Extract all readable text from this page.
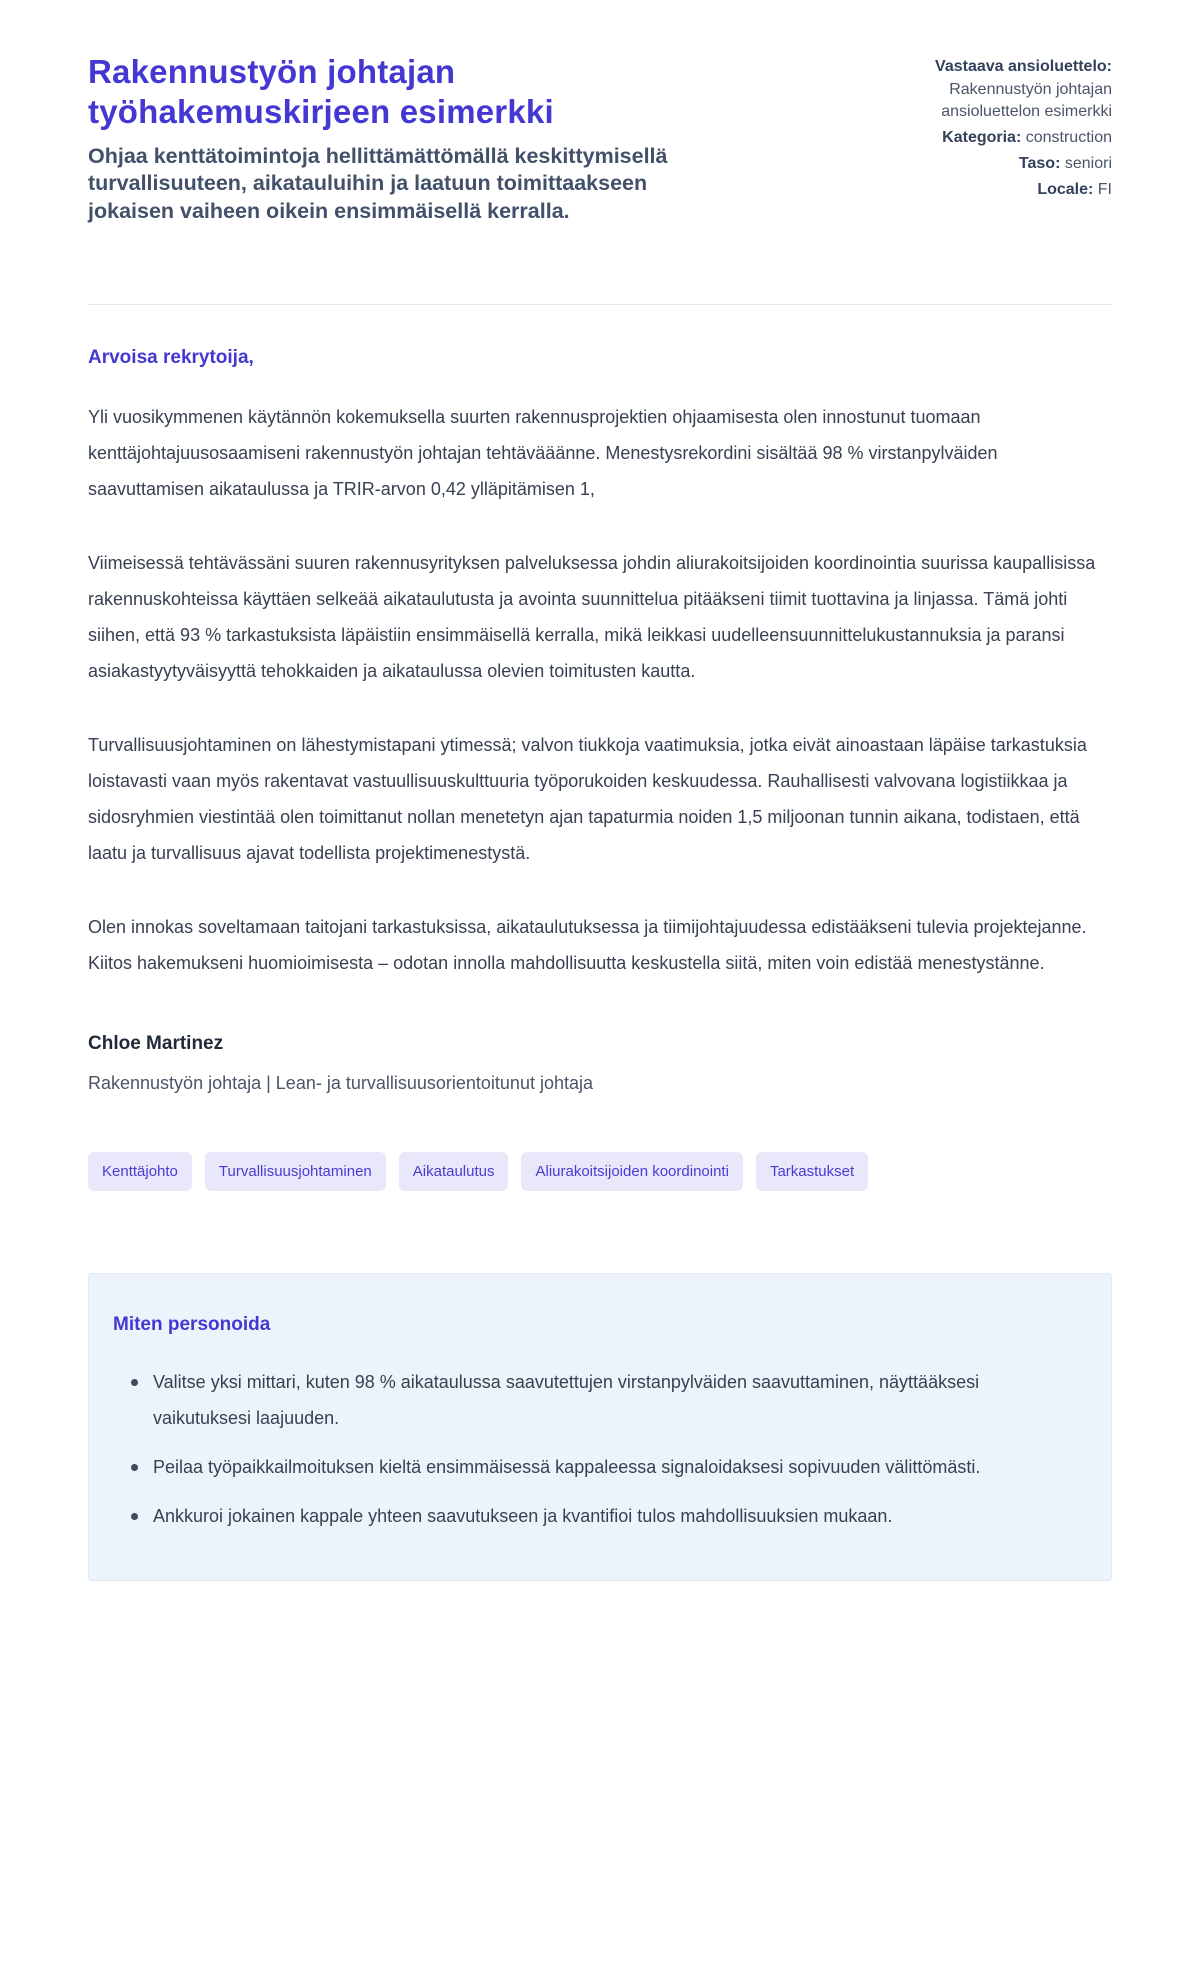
Rakennustyön johtajan työhakemuskirjeen esimerkki

Ohjaa kenttätoimintoja hellittämättömällä keskittymisellä turvallisuuteen, aikatauluihin ja laatuun toimittaakseen jokaisen vaiheen oikein ensimmäisellä kerralla.

Vastaava ansioluettelo: Rakennustyön johtajan ansioluettelon esimerkki
Kategoria: construction
Taso: seniori
Locale: FI

Arvoisa rekrytoija,

Yli vuosikymmenen käytännön kokemuksella suurten rakennusprojektien ohjaamisesta olen innostunut tuomaan kenttäjohtajuusosaamiseni rakennustyön johtajan tehtävääänne. Menestysrekordini sisältää 98 % virstanpylväiden saavuttamisen aikataulussa ja TRIR-arvon 0,42 ylläpitämisen 1,

Viimeisessä tehtävässäni suuren rakennusyrityksen palveluksessa johdin aliurakoitsijoiden koordinointia suurissa kaupallisissa rakennuskohteissa käyttäen selkeää aikataulutusta ja avointa suunnittelua pitääkseni tiimit tuottavina ja linjassa. Tämä johti siihen, että 93 % tarkastuksista läpäistiin ensimmäisellä kerralla, mikä leikkasi uudelleensuunnittelukustannuksia ja paransi asiakastyytyväisyyttä tehokkaiden ja aikataulussa olevien toimitusten kautta.

Turvallisuusjohtaminen on lähestymistapani ytimessä; valvon tiukkoja vaatimuksia, jotka eivät ainoastaan läpäise tarkastuksia loistavasti vaan myös rakentavat vastuullisuuskulttuuria työporukoiden keskuudessa. Rauhallisesti valvovana logistiikkaa ja sidosryhmien viestintää olen toimittanut nollan menetetyn ajan tapaturmia noiden 1,5 miljoonan tunnin aikana, todistaen, että laatu ja turvallisuus ajavat todellista projektimenestystä.

Olen innokas soveltamaan taitojani tarkastuksissa, aikataulutuksessa ja tiimijohtajuudessa edistääkseni tulevia projektejanne. Kiitos hakemukseni huomioimisesta – odotan innolla mahdollisuutta keskustella siitä, miten voin edistää menestystänne.

Chloe Martinez

Rakennustyön johtaja | Lean- ja turvallisuusorientoitunut johtaja

Kenttäjohto	Turvallisuusjohtaminen	Aikataulutus	Aliurakoitsijoiden koordinointi	Tarkastukset
Miten personoida
Valitse yksi mittari, kuten 98 % aikataulussa saavutettujen virstanpylväiden saavuttaminen, näyttääksesi vaikutuksesi laajuuden.
Peilaa työpaikkailmoituksen kieltä ensimmäisessä kappaleessa signaloidaksesi sopivuuden välittömästi.
Ankkuroi jokainen kappale yhteen saavutukseen ja kvantifioi tulos mahdollisuuksien mukaan.
